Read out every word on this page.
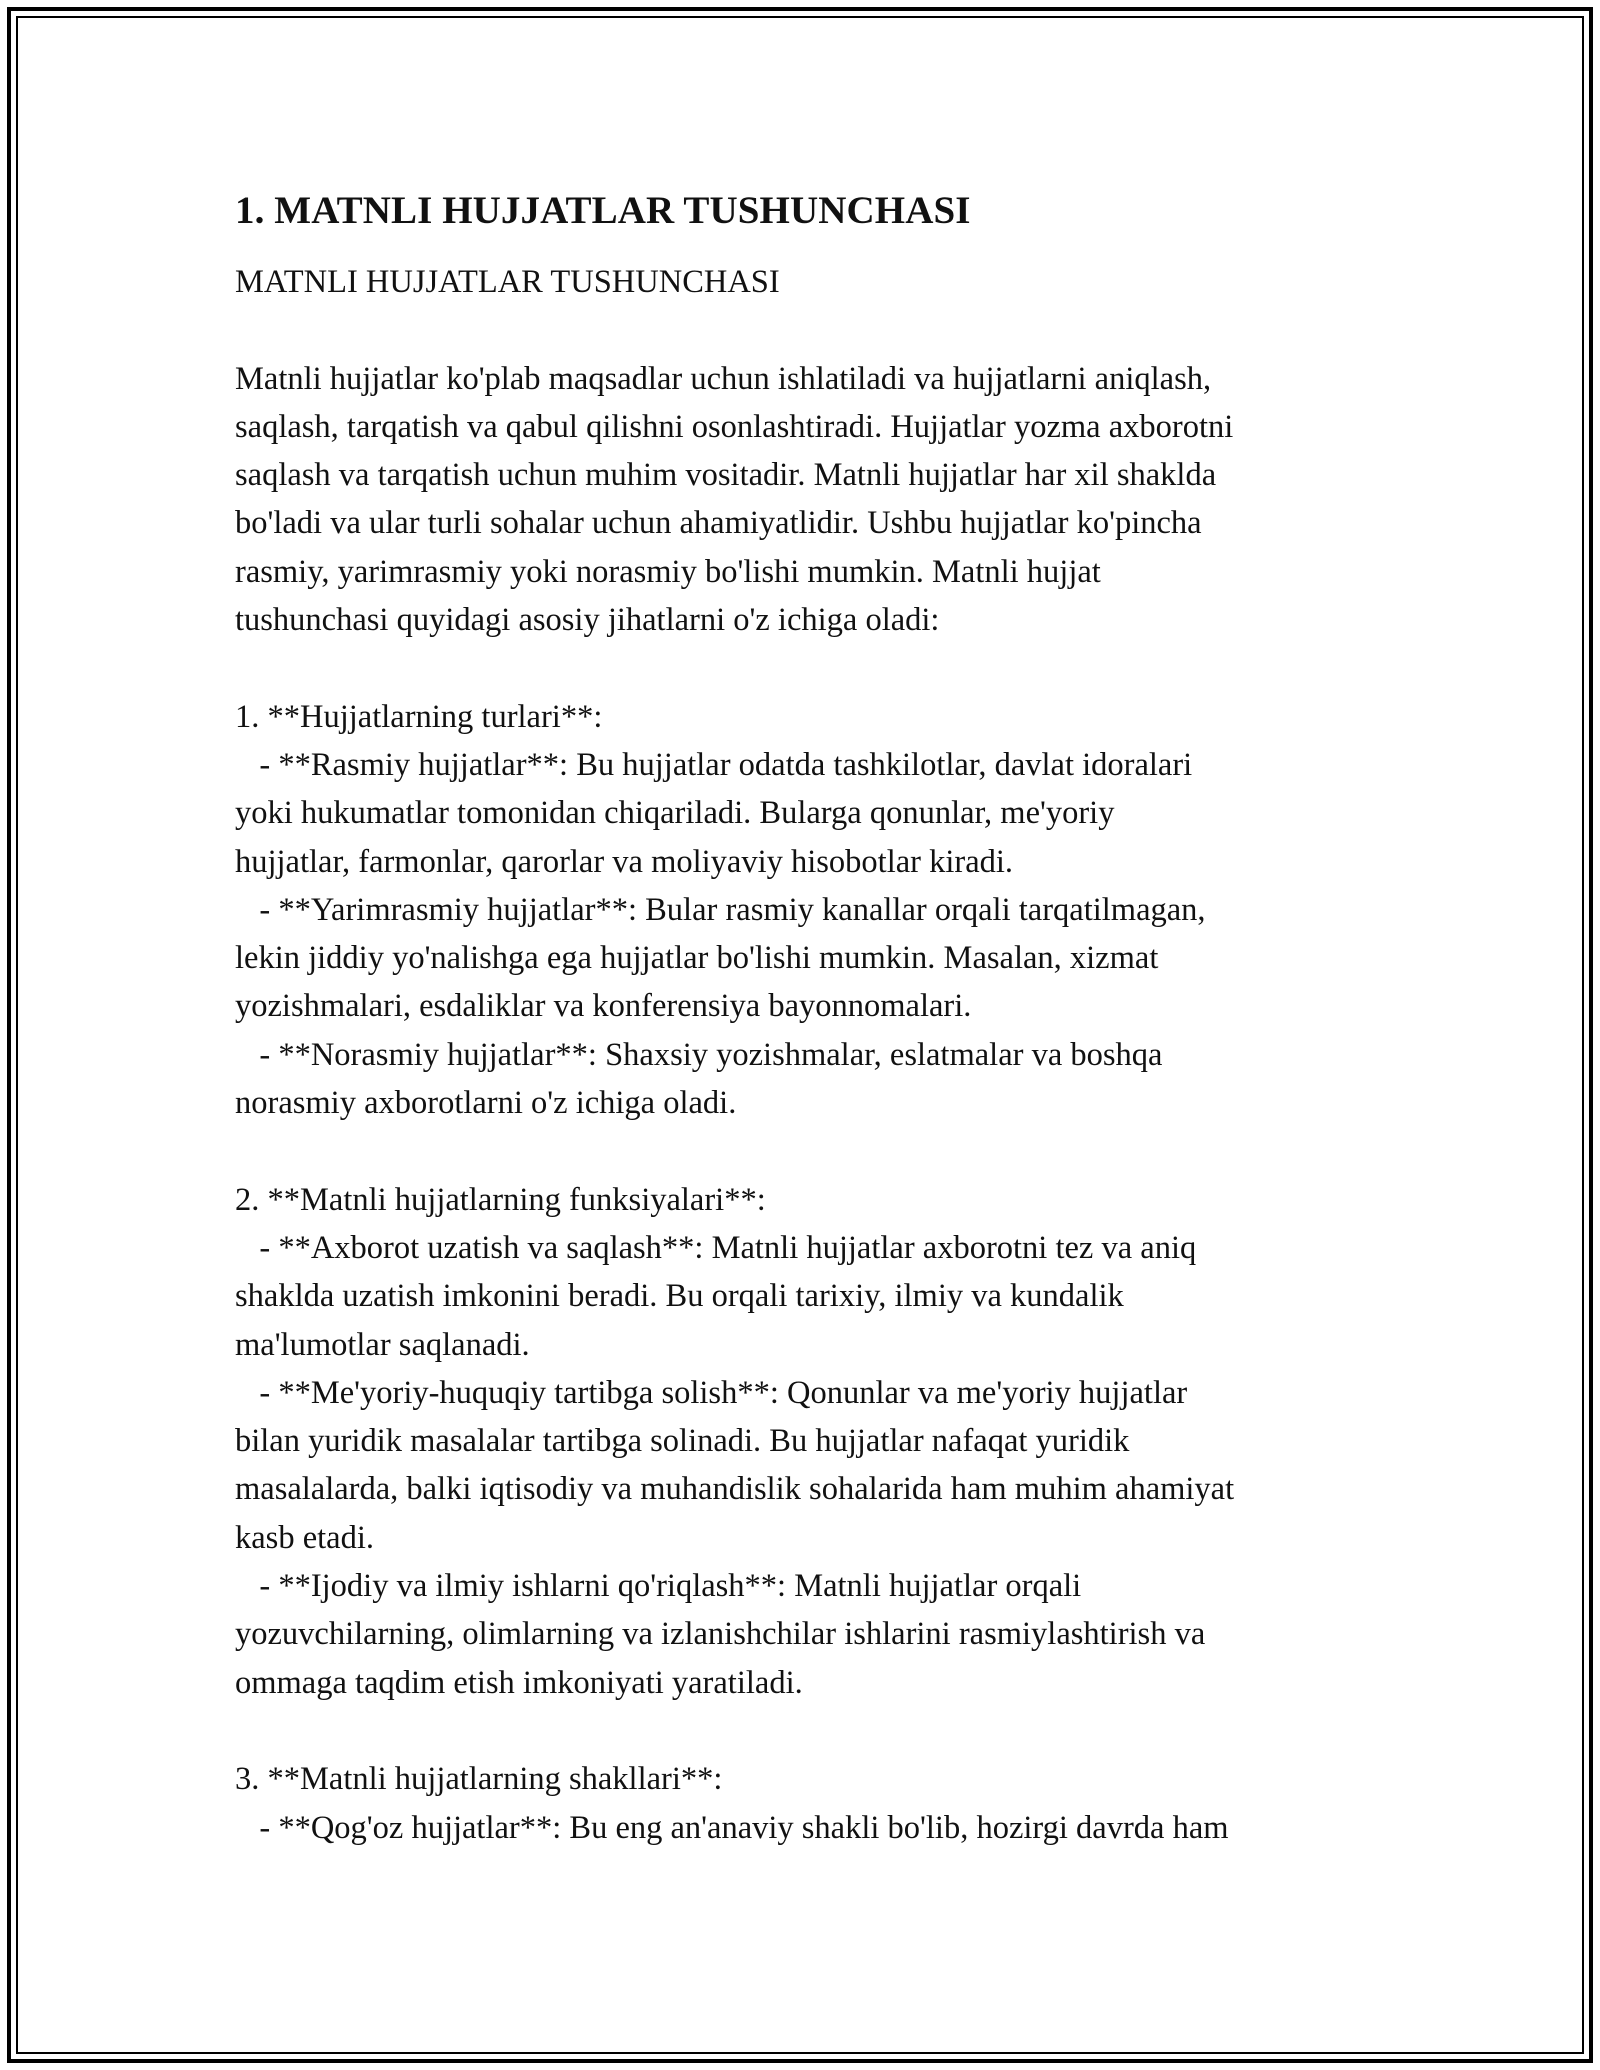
1. MATNLI HUJJATLAR TUSHUNCHASI
MATNLI HUJJATLAR TUSHUNCHASI

Matnli hujjatlar ko'plab maqsadlar uchun ishlatiladi va hujjatlarni aniqlash,
saqlash, tarqatish va qabul qilishni osonlashtiradi. Hujjatlar yozma axborotni
saqlash va tarqatish uchun muhim vositadir. Matnli hujjatlar har xil shaklda
bo'ladi va ular turli sohalar uchun ahamiyatlidir. Ushbu hujjatlar ko'pincha
rasmiy, yarimrasmiy yoki norasmiy bo'lishi mumkin. Matnli hujjat
tushunchasi quyidagi asosiy jihatlarni o'z ichiga oladi:

1. **Hujjatlarning turlari**:
- **Rasmiy hujjatlar**: Bu hujjatlar odatda tashkilotlar, davlat idoralari
yoki hukumatlar tomonidan chiqariladi. Bularga qonunlar, me'yoriy
hujjatlar, farmonlar, qarorlar va moliyaviy hisobotlar kiradi.
- **Yarimrasmiy hujjatlar**: Bular rasmiy kanallar orqali tarqatilmagan,
lekin jiddiy yo'nalishga ega hujjatlar bo'lishi mumkin. Masalan, xizmat
yozishmalari, esdaliklar va konferensiya bayonnomalari.
- **Norasmiy hujjatlar**: Shaxsiy yozishmalar, eslatmalar va boshqa
norasmiy axborotlarni o'z ichiga oladi.

2. **Matnli hujjatlarning funksiyalari**:
- **Axborot uzatish va saqlash**: Matnli hujjatlar axborotni tez va aniq
shaklda uzatish imkonini beradi. Bu orqali tarixiy, ilmiy va kundalik
ma'lumotlar saqlanadi.
- **Me'yoriy-huquqiy tartibga solish**: Qonunlar va me'yoriy hujjatlar
bilan yuridik masalalar tartibga solinadi. Bu hujjatlar nafaqat yuridik
masalalarda, balki iqtisodiy va muhandislik sohalarida ham muhim ahamiyat
kasb etadi.
- **Ijodiy va ilmiy ishlarni qo'riqlash**: Matnli hujjatlar orqali
yozuvchilarning, olimlarning va izlanishchilar ishlarini rasmiylashtirish va
ommaga taqdim etish imkoniyati yaratiladi.

3. **Matnli hujjatlarning shakllari**:
- **Qog'oz hujjatlar**: Bu eng an'anaviy shakli bo'lib, hozirgi davrda ham
